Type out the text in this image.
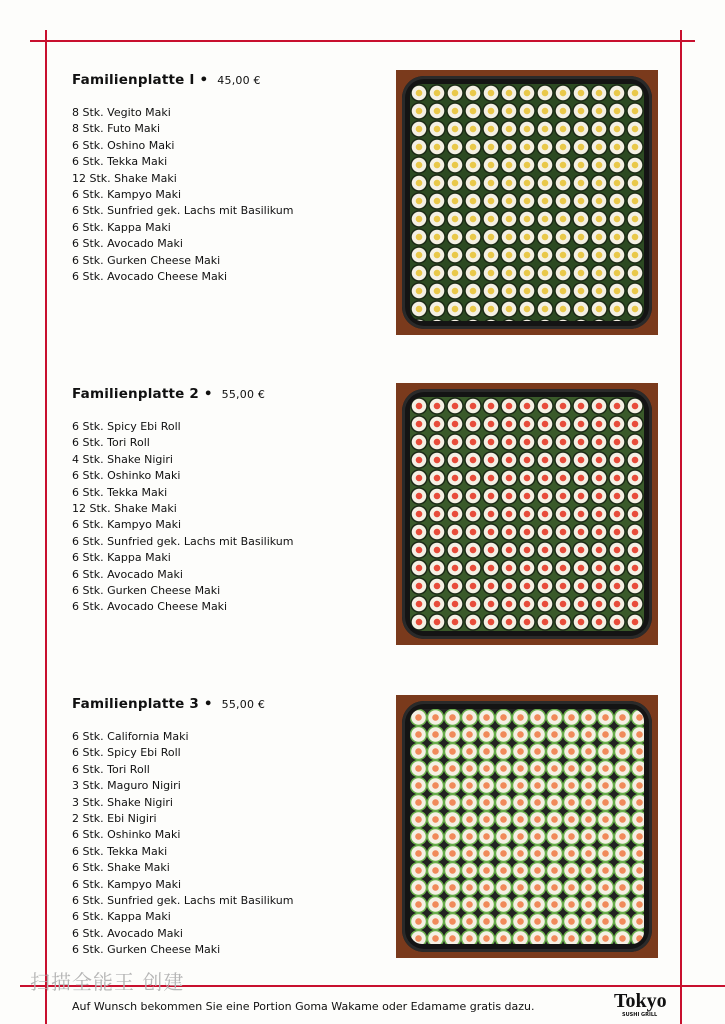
Familienplatte I • 45,00 €
8 Stk. Vegito Maki
8 Stk. Futo Maki
6 Stk. Oshino Maki
6 Stk. Tekka Maki
12 Stk. Shake Maki
6 Stk. Kampyo Maki
6 Stk. Sunfried gek. Lachs mit Basilikum
6 Stk. Kappa Maki
6 Stk. Avocado Maki
6 Stk. Gurken Cheese Maki
6 Stk. Avocado Cheese Maki
Familienplatte 2 • 55,00 €
6 Stk. Spicy Ebi Roll
6 Stk. Tori Roll
4 Stk. Shake Nigiri
6 Stk. Oshinko Maki
6 Stk. Tekka Maki
12 Stk. Shake Maki
6 Stk. Kampyo Maki
6 Stk. Sunfried gek. Lachs mit Basilikum
6 Stk. Kappa Maki
6 Stk. Avocado Maki
6 Stk. Gurken Cheese Maki
6 Stk. Avocado Cheese Maki
Familienplatte 3 • 55,00 €
6 Stk. California Maki
6 Stk. Spicy Ebi Roll
6 Stk. Tori Roll
3 Stk. Maguro Nigiri
3 Stk. Shake Nigiri
2 Stk. Ebi Nigiri
6 Stk. Oshinko Maki
6 Stk. Tekka Maki
6 Stk. Shake Maki
6 Stk. Kampyo Maki
6 Stk. Sunfried gek. Lachs mit Basilikum
6 Stk. Kappa Maki
6 Stk. Avocado Maki
6 Stk. Gurken Cheese Maki
扫描全能王 创建
Auf Wunsch bekommen Sie eine Portion Goma Wakame oder Edamame gratis dazu.	Tokyo
SUSHI GRILL
